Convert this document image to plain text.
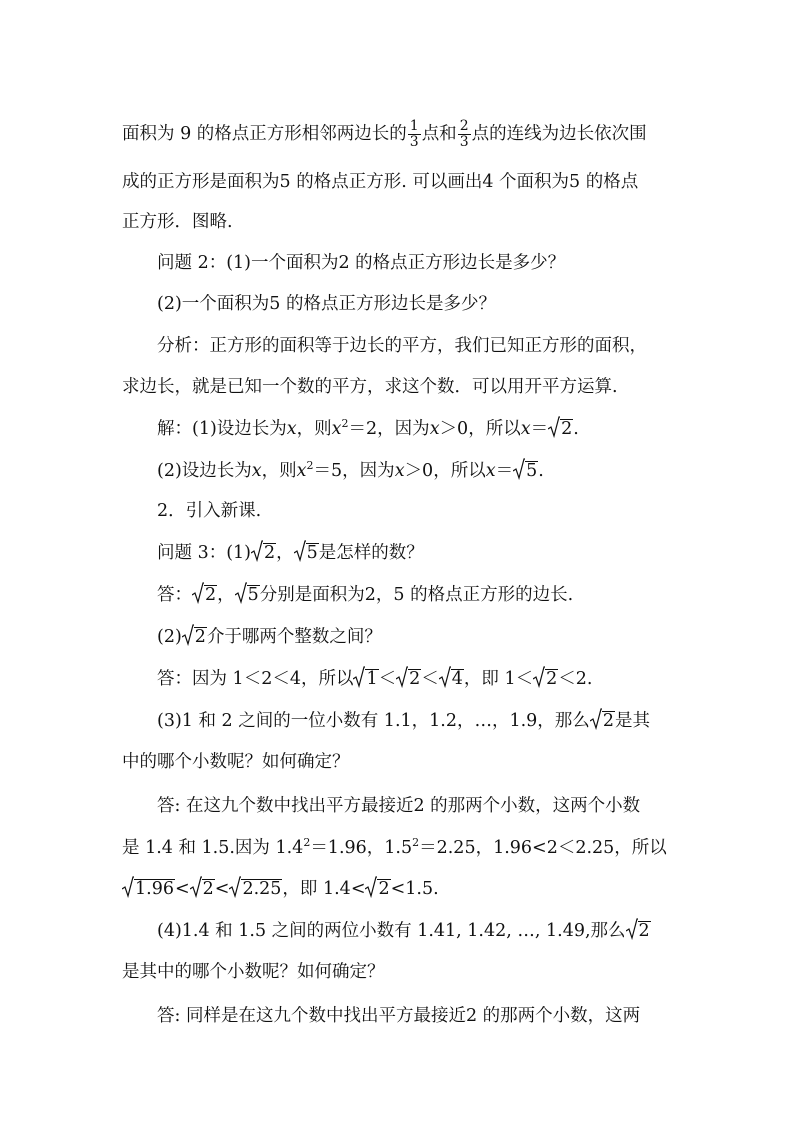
面积为 9 的格点正方形相邻两边长的 $\frac{1}{3}$ 点和 $\frac{2}{3}$ 点的连线为边长依次围
成的正方形是面积为5 的格点正方形. 可以画出4 个面积为5 的格点
正方形．图略.
问题 2：(1)一个面积为2 的格点正方形边长是多少？
(2)一个面积为5 的格点正方形边长是多少？
分析：正方形的面积等于边长的平方，我们已知正方形的面积，
求边长，就是已知一个数的平方，求这个数．可以用开平方运算.
解：(1)设边长为x，则$x^2=2$，因为x＞0，所以x＝ 2.
(2)设边长为x，则$x^2=5$，因为x＞0，所以x＝ 5.
2．引入新课.
问题 3：(1) 2， 5是怎样的数？
答： 2， 5分别是面积为2，5 的格点正方形的边长.
(2) 2介于哪两个整数之间？
答：因为 1＜2＜4，所以 1＜ 2＜ 4，即 1＜ 2＜2.
(3)1 和 2 之间的一位小数有 1.1，1.2，…，1.9，那么 2是其
中的哪个小数呢？如何确定？
答: 在这九个数中找出平方最接近2 的那两个小数，这两个小数
是 1.4 和 1.5.因为 $1.4^2=1.96$，$1.5^2=2.25$，1.96<2＜2.25，所以
1.96< 2< 2.25，即 1.4< 2<1.5.
(4)1.4 和 1.5 之间的两位小数有 1.41, 1.42, …, 1.49,那么 2
是其中的哪个小数呢？如何确定？
答: 同样是在这九个数中找出平方最接近2 的那两个小数，这两
